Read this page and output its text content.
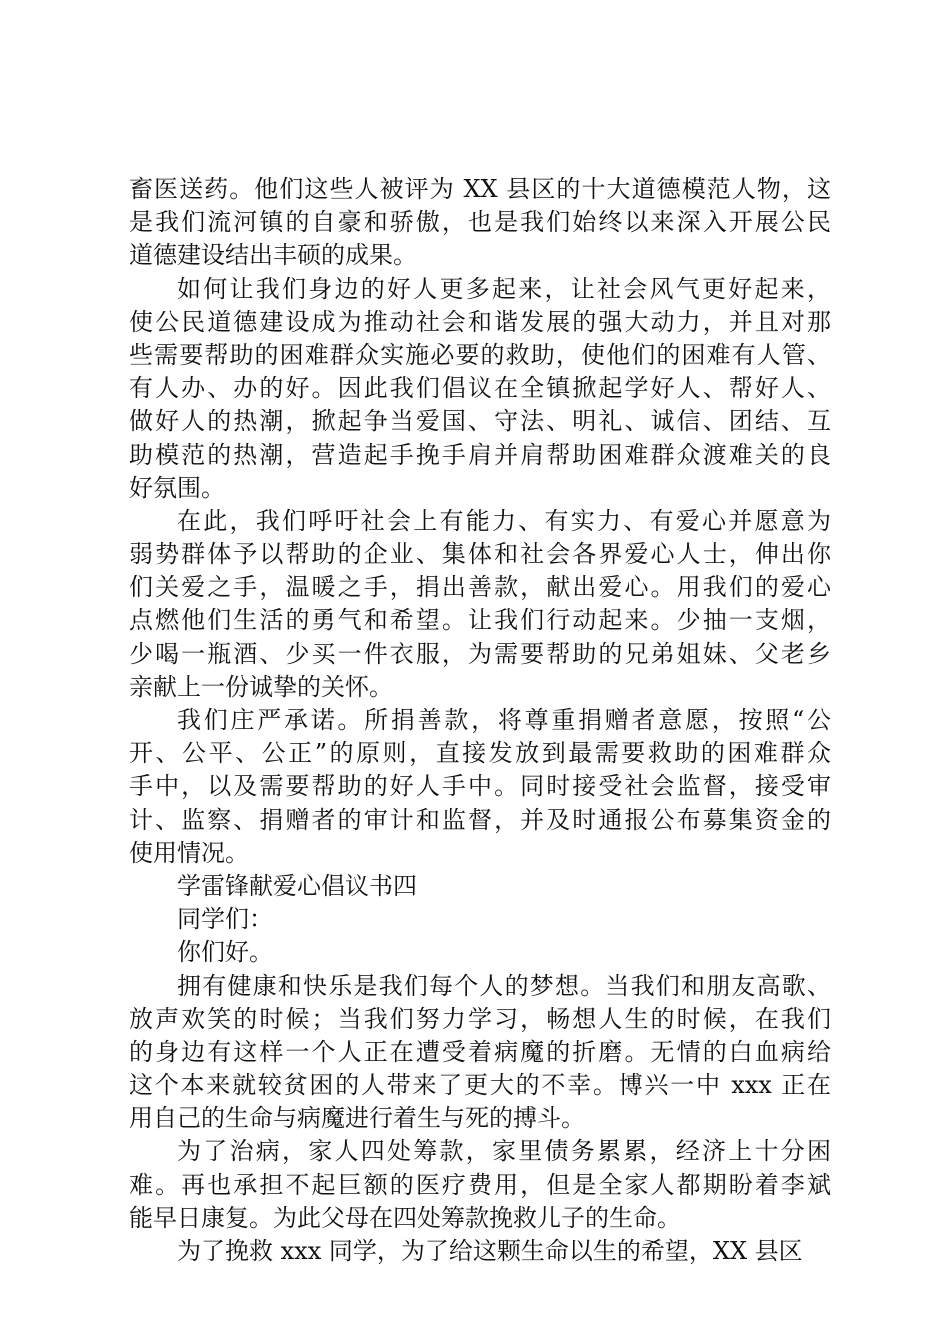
畜医送药。他们这些人被评为 XX 县区的十大道德模范人物，这
是我们流河镇的自豪和骄傲，也是我们始终以来深入开展公民
道德建设结出丰硕的成果。
如何让我们身边的好人更多起来，让社会风气更好起来，
使公民道德建设成为推动社会和谐发展的强大动力，并且对那
些需要帮助的困难群众实施必要的救助，使他们的困难有人管、
有人办、办的好。因此我们倡议在全镇掀起学好人、帮好人、
做好人的热潮，掀起争当爱国、守法、明礼、诚信、团结、互
助模范的热潮，营造起手挽手肩并肩帮助困难群众渡难关的良
好氛围。
在此，我们呼吁社会上有能力、有实力、有爱心并愿意为
弱势群体予以帮助的企业、集体和社会各界爱心人士，伸出你
们关爱之手，温暖之手，捐出善款，献出爱心。用我们的爱心
点燃他们生活的勇气和希望。让我们行动起来。少抽一支烟，
少喝一瓶酒、少买一件衣服，为需要帮助的兄弟姐妹、父老乡
亲献上一份诚挚的关怀。
我们庄严承诺。所捐善款，将尊重捐赠者意愿，按照“公
开、公平、公正”的原则，直接发放到最需要救助的困难群众
手中，以及需要帮助的好人手中。同时接受社会监督，接受审
计、监察、捐赠者的审计和监督，并及时通报公布募集资金的
使用情况。
学雷锋献爱心倡议书四
同学们：
你们好。
拥有健康和快乐是我们每个人的梦想。当我们和朋友高歌、
放声欢笑的时候；当我们努力学习，畅想人生的时候，在我们
的身边有这样一个人正在遭受着病魔的折磨。无情的白血病给
这个本来就较贫困的人带来了更大的不幸。博兴一中 xxx 正在
用自己的生命与病魔进行着生与死的搏斗。
为了治病，家人四处筹款，家里债务累累，经济上十分困
难。再也承担不起巨额的医疗费用，但是全家人都期盼着李斌
能早日康复。为此父母在四处筹款挽救儿子的生命。
为了挽救 xxx 同学，为了给这颗生命以生的希望，XX 县区
